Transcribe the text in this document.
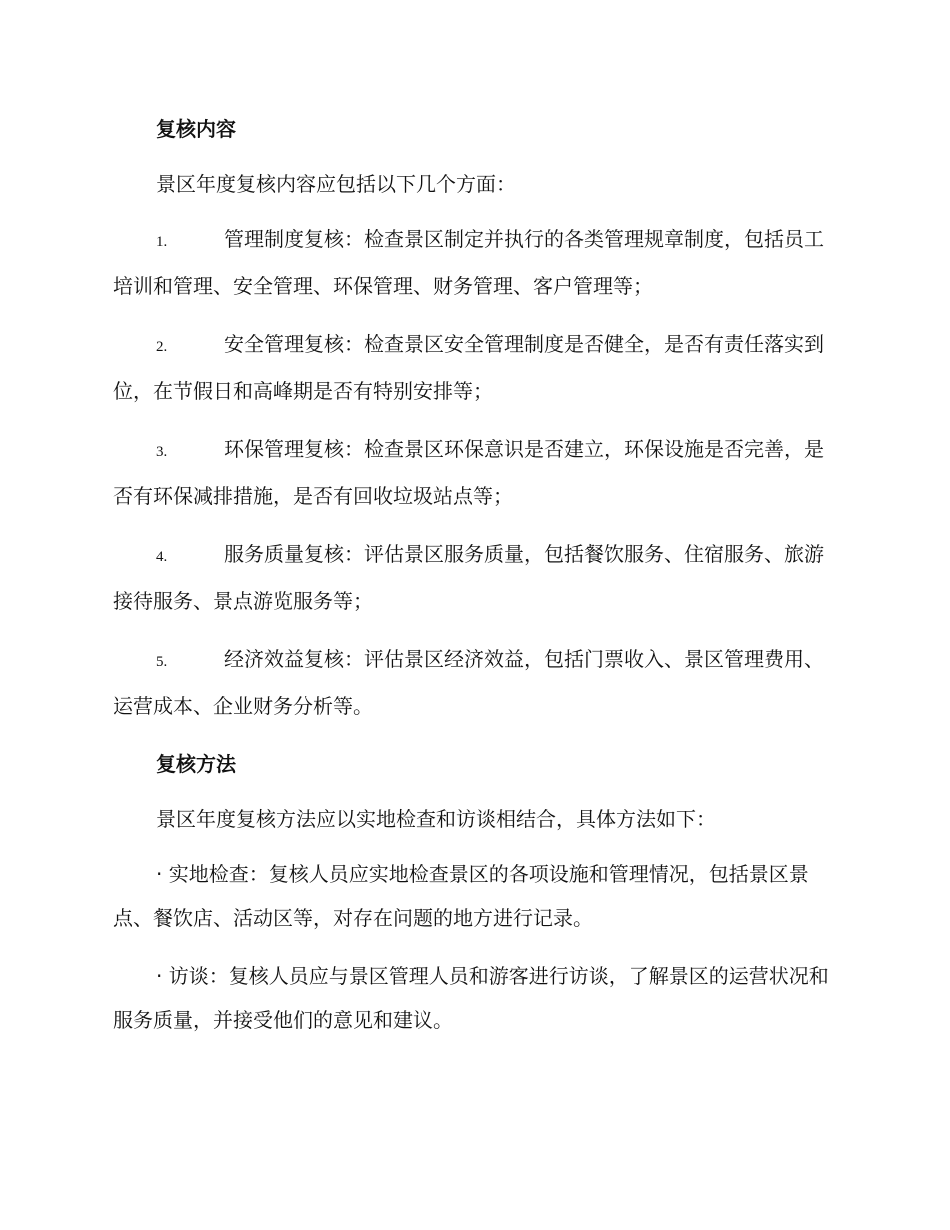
复核内容

景区年度复核内容应包括以下几个方面：

1.	管理制度复核：检查景区制定并执行的各类管理规章制度，包括员工培训和管理、安全管理、环保管理、财务管理、客户管理等；

2.	安全管理复核：检查景区安全管理制度是否健全，是否有责任落实到位，在节假日和高峰期是否有特别安排等；

3.	环保管理复核：检查景区环保意识是否建立，环保设施是否完善，是否有环保减排措施，是否有回收垃圾站点等；

4.	服务质量复核：评估景区服务质量，包括餐饮服务、住宿服务、旅游接待服务、景点游览服务等；

5.	经济效益复核：评估景区经济效益，包括门票收入、景区管理费用、运营成本、企业财务分析等。

复核方法

景区年度复核方法应以实地检查和访谈相结合，具体方法如下：

· 实地检查：复核人员应实地检查景区的各项设施和管理情况，包括景区景点、餐饮店、活动区等，对存在问题的地方进行记录。

· 访谈：复核人员应与景区管理人员和游客进行访谈，了解景区的运营状况和服务质量，并接受他们的意见和建议。
